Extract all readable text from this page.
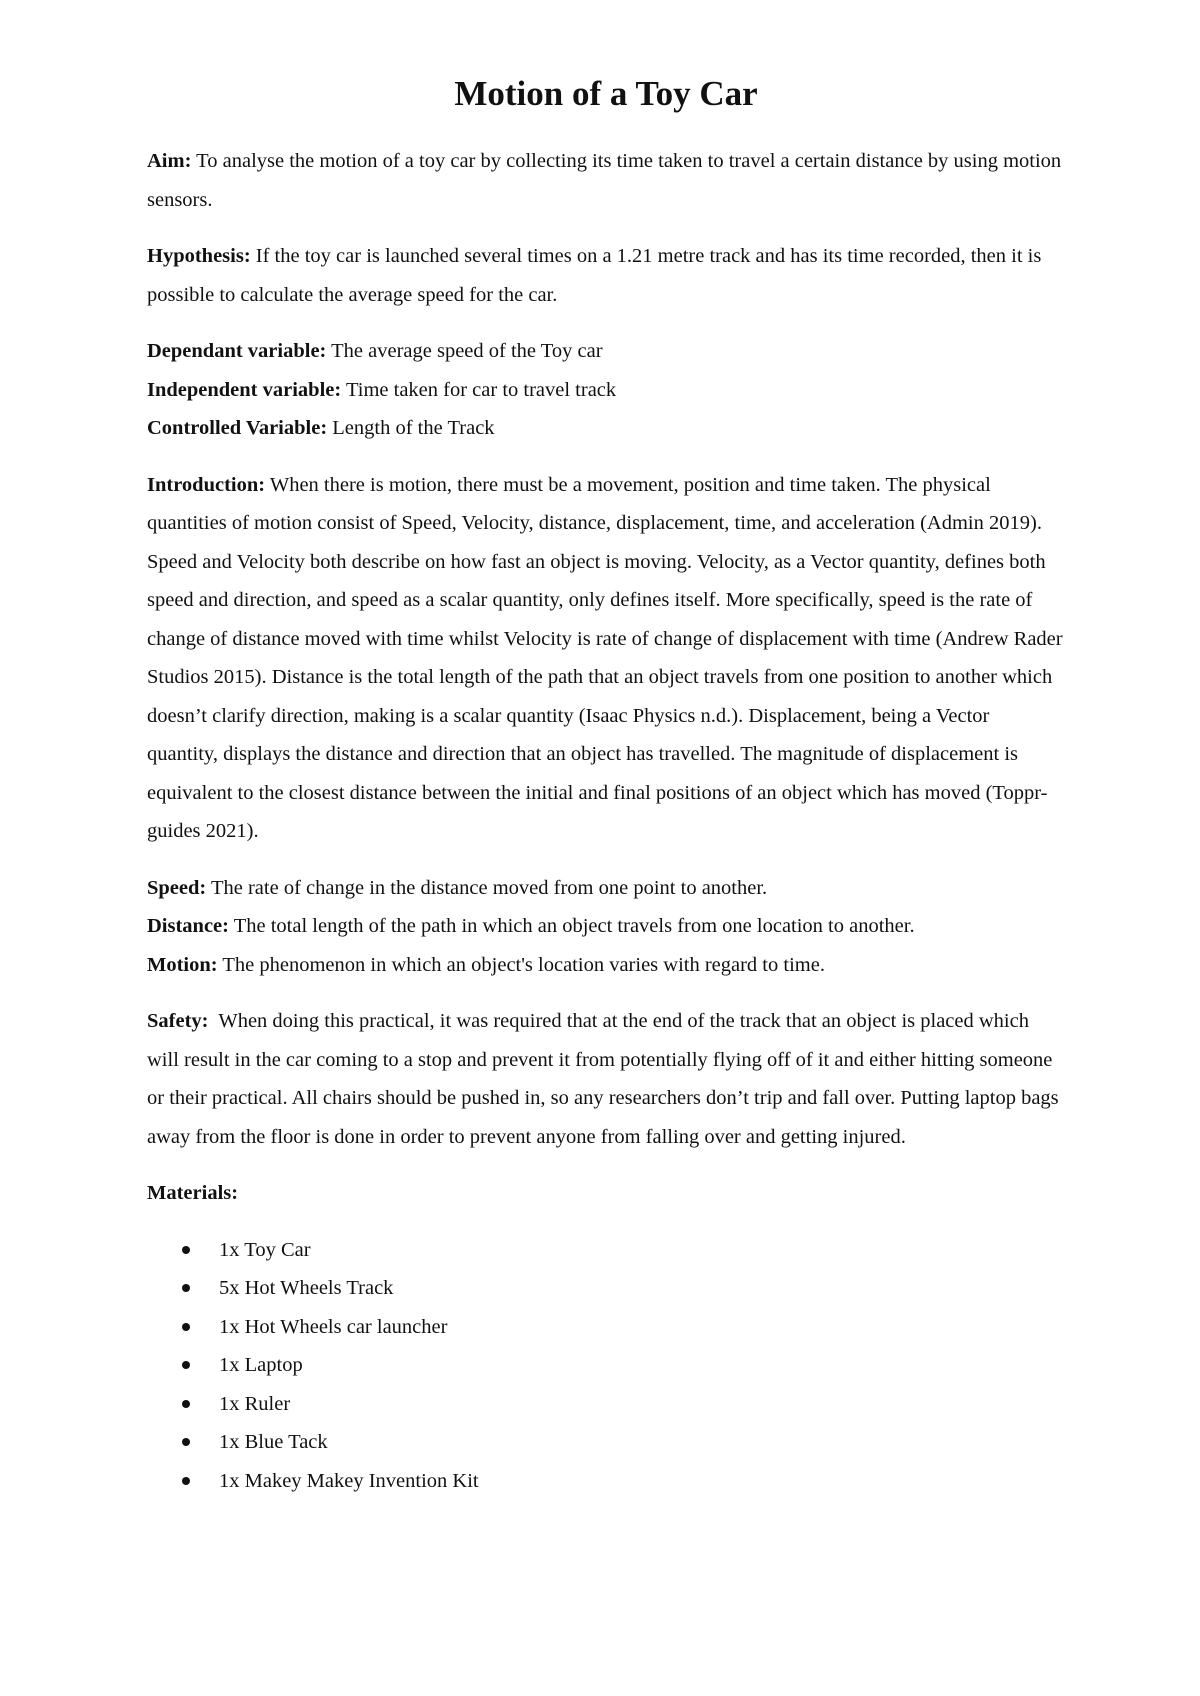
Motion of a Toy Car

Aim: To analyse the motion of a toy car by collecting its time taken to travel a certain distance by using motion sensors.

Hypothesis: If the toy car is launched several times on a 1.21 metre track and has its time recorded, then it is possible to calculate the average speed for the car.

Dependant variable: The average speed of the Toy car
Independent variable: Time taken for car to travel track
Controlled Variable: Length of the Track

Introduction: When there is motion, there must be a movement, position and time taken. The physical quantities of motion consist of Speed, Velocity, distance, displacement, time, and acceleration (Admin 2019). Speed and Velocity both describe on how fast an object is moving. Velocity, as a Vector quantity, defines both speed and direction, and speed as a scalar quantity, only defines itself. More specifically, speed is the rate of change of distance moved with time whilst Velocity is rate of change of displacement with time (Andrew Rader Studios 2015). Distance is the total length of the path that an object travels from one position to another which doesn’t clarify direction, making is a scalar quantity (Isaac Physics n.d.). Displacement, being a Vector quantity, displays the distance and direction that an object has travelled. The magnitude of displacement is equivalent to the closest distance between the initial and final positions of an object which has moved (Toppr-guides 2021).

Speed: The rate of change in the distance moved from one point to another.
Distance: The total length of the path in which an object travels from one location to another.
Motion: The phenomenon in which an object's location varies with regard to time.

Safety:  When doing this practical, it was required that at the end of the track that an object is placed which will result in the car coming to a stop and prevent it from potentially flying off of it and either hitting someone or their practical. All chairs should be pushed in, so any researchers don’t trip and fall over. Putting laptop bags away from the floor is done in order to prevent anyone from falling over and getting injured.

Materials:

1x Toy Car
5x Hot Wheels Track
1x Hot Wheels car launcher
1x Laptop
1x Ruler
1x Blue Tack
1x Makey Makey Invention Kit
